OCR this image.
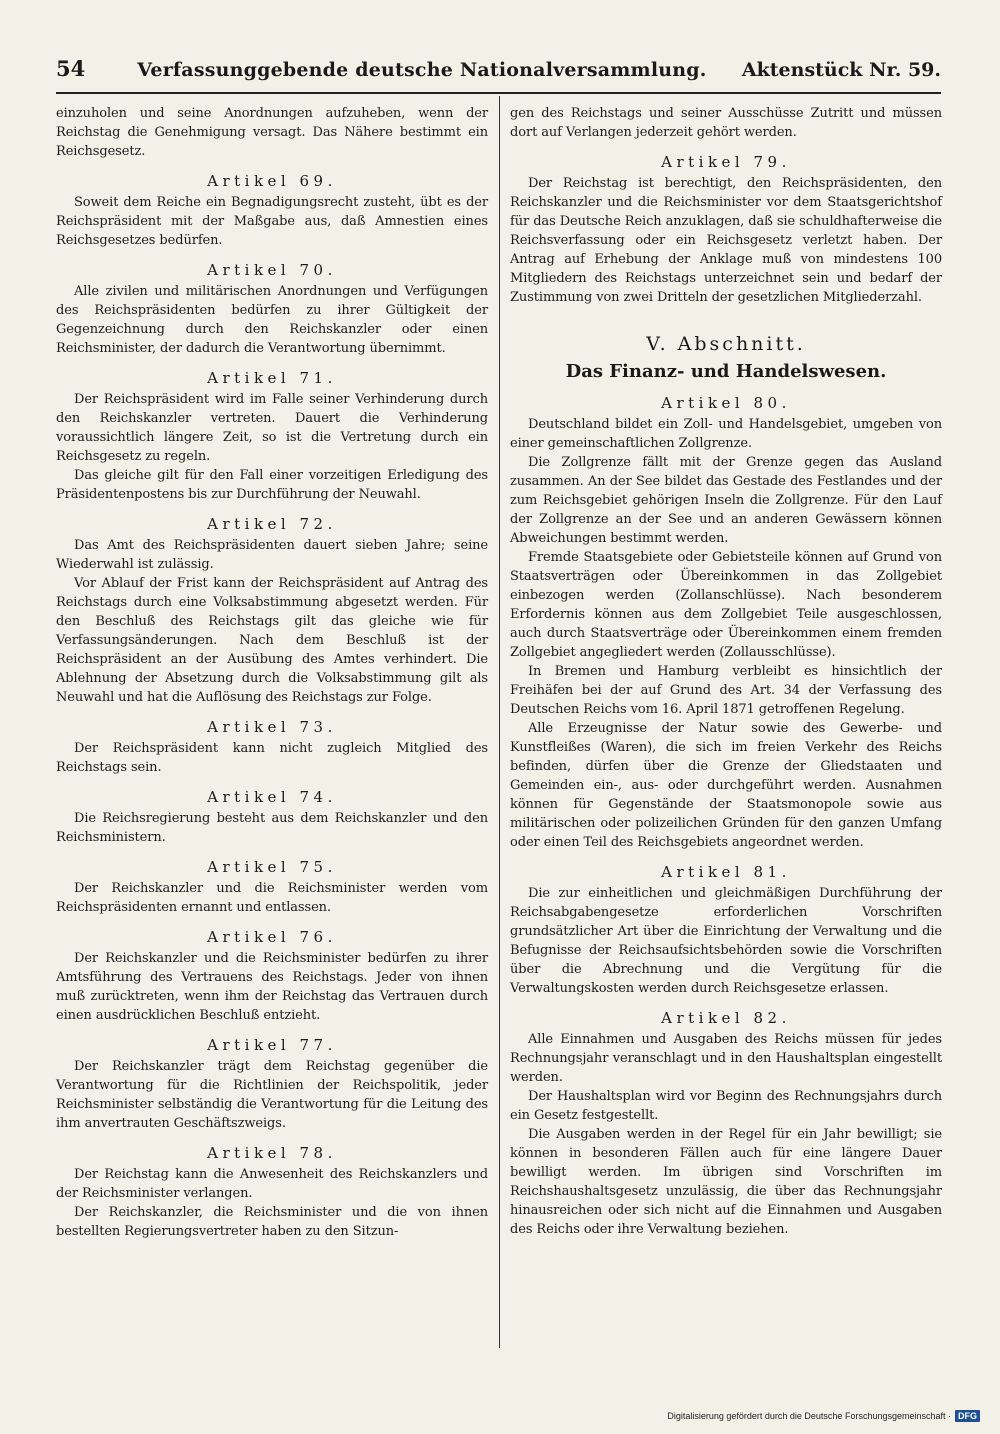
54	Verfassunggebende deutsche Nationalversammlung.	Aktenstück Nr. 59.

einzuholen und seine Anordnungen aufzuheben, wenn der Reichstag die Genehmigung versagt. Das Nähere bestimmt ein Reichsgesetz.

Artikel 69.

Soweit dem Reiche ein Begnadigungsrecht zusteht, übt es der Reichspräsident mit der Maßgabe aus, daß Amnestien eines Reichsgesetzes bedürfen.

Artikel 70.

Alle zivilen und militärischen Anordnungen und Verfügungen des Reichspräsidenten bedürfen zu ihrer Gültigkeit der Gegenzeichnung durch den Reichskanzler oder einen Reichsminister, der dadurch die Verantwortung übernimmt.

Artikel 71.

Der Reichspräsident wird im Falle seiner Verhinderung durch den Reichskanzler vertreten. Dauert die Verhinderung voraussichtlich längere Zeit, so ist die Vertretung durch ein Reichsgesetz zu regeln.

Das gleiche gilt für den Fall einer vorzeitigen Erledigung des Präsidentenpostens bis zur Durchführung der Neuwahl.

Artikel 72.

Das Amt des Reichspräsidenten dauert sieben Jahre; seine Wiederwahl ist zulässig.

Vor Ablauf der Frist kann der Reichspräsident auf Antrag des Reichstags durch eine Volksabstimmung abgesetzt werden. Für den Beschluß des Reichstags gilt das gleiche wie für Verfassungsänderungen. Nach dem Beschluß ist der Reichspräsident an der Ausübung des Amtes verhindert. Die Ablehnung der Absetzung durch die Volksabstimmung gilt als Neuwahl und hat die Auflösung des Reichstags zur Folge.

Artikel 73.

Der Reichspräsident kann nicht zugleich Mitglied des Reichstags sein.

Artikel 74.

Die Reichsregierung besteht aus dem Reichskanzler und den Reichsministern.

Artikel 75.

Der Reichskanzler und die Reichsminister werden vom Reichspräsidenten ernannt und entlassen.

Artikel 76.

Der Reichskanzler und die Reichsminister bedürfen zu ihrer Amtsführung des Vertrauens des Reichstags. Jeder von ihnen muß zurücktreten, wenn ihm der Reichstag das Vertrauen durch einen ausdrücklichen Beschluß entzieht.

Artikel 77.

Der Reichskanzler trägt dem Reichstag gegenüber die Verantwortung für die Richtlinien der Reichspolitik, jeder Reichsminister selbständig die Verantwortung für die Leitung des ihm anvertrauten Geschäftszweigs.

Artikel 78.

Der Reichstag kann die Anwesenheit des Reichskanzlers und der Reichsminister verlangen.

Der Reichskanzler, die Reichsminister und die von ihnen bestellten Regierungsvertreter haben zu den Sitzun-

gen des Reichstags und seiner Ausschüsse Zutritt und müssen dort auf Verlangen jederzeit gehört werden.

Artikel 79.

Der Reichstag ist berechtigt, den Reichspräsidenten, den Reichskanzler und die Reichsminister vor dem Staatsgerichtshof für das Deutsche Reich anzuklagen, daß sie schuldhafterweise die Reichsverfassung oder ein Reichsgesetz verletzt haben. Der Antrag auf Erhebung der Anklage muß von mindestens 100 Mitgliedern des Reichstags unterzeichnet sein und bedarf der Zustimmung von zwei Dritteln der gesetzlichen Mitgliederzahl.

V. Abschnitt.
Das Finanz- und Handelswesen.
Artikel 80.

Deutschland bildet ein Zoll- und Handelsgebiet, umgeben von einer gemeinschaftlichen Zollgrenze.

Die Zollgrenze fällt mit der Grenze gegen das Ausland zusammen. An der See bildet das Gestade des Festlandes und der zum Reichsgebiet gehörigen Inseln die Zollgrenze. Für den Lauf der Zollgrenze an der See und an anderen Gewässern können Abweichungen bestimmt werden.

Fremde Staatsgebiete oder Gebietsteile können auf Grund von Staatsverträgen oder Übereinkommen in das Zollgebiet einbezogen werden (Zollanschlüsse). Nach besonderem Erfordernis können aus dem Zollgebiet Teile ausgeschlossen, auch durch Staatsverträge oder Übereinkommen einem fremden Zollgebiet angegliedert werden (Zollausschlüsse).

In Bremen und Hamburg verbleibt es hinsichtlich der Freihäfen bei der auf Grund des Art. 34 der Verfassung des Deutschen Reichs vom 16. April 1871 getroffenen Regelung.

Alle Erzeugnisse der Natur sowie des Gewerbe- und Kunstfleißes (Waren), die sich im freien Verkehr des Reichs befinden, dürfen über die Grenze der Gliedstaaten und Gemeinden ein-, aus- oder durchgeführt werden. Ausnahmen können für Gegenstände der Staatsmonopole sowie aus militärischen oder polizeilichen Gründen für den ganzen Umfang oder einen Teil des Reichsgebiets angeordnet werden.

Artikel 81.

Die zur einheitlichen und gleichmäßigen Durchführung der Reichsabgabengesetze erforderlichen Vorschriften grundsätzlicher Art über die Einrichtung der Verwaltung und die Befugnisse der Reichsaufsichtsbehörden sowie die Vorschriften über die Abrechnung und die Vergütung für die Verwaltungskosten werden durch Reichsgesetze erlassen.

Artikel 82.

Alle Einnahmen und Ausgaben des Reichs müssen für jedes Rechnungsjahr veranschlagt und in den Haushaltsplan eingestellt werden.

Der Haushaltsplan wird vor Beginn des Rechnungsjahrs durch ein Gesetz festgestellt.

Die Ausgaben werden in der Regel für ein Jahr bewilligt; sie können in besonderen Fällen auch für eine längere Dauer bewilligt werden. Im übrigen sind Vorschriften im Reichshaushaltsgesetz unzulässig, die über das Rechnungsjahr hinausreichen oder sich nicht auf die Einnahmen und Ausgaben des Reichs oder ihre Verwaltung beziehen.

Digitalisierung gefördert durch die Deutsche Forschungsgemeinschaft · DFG
